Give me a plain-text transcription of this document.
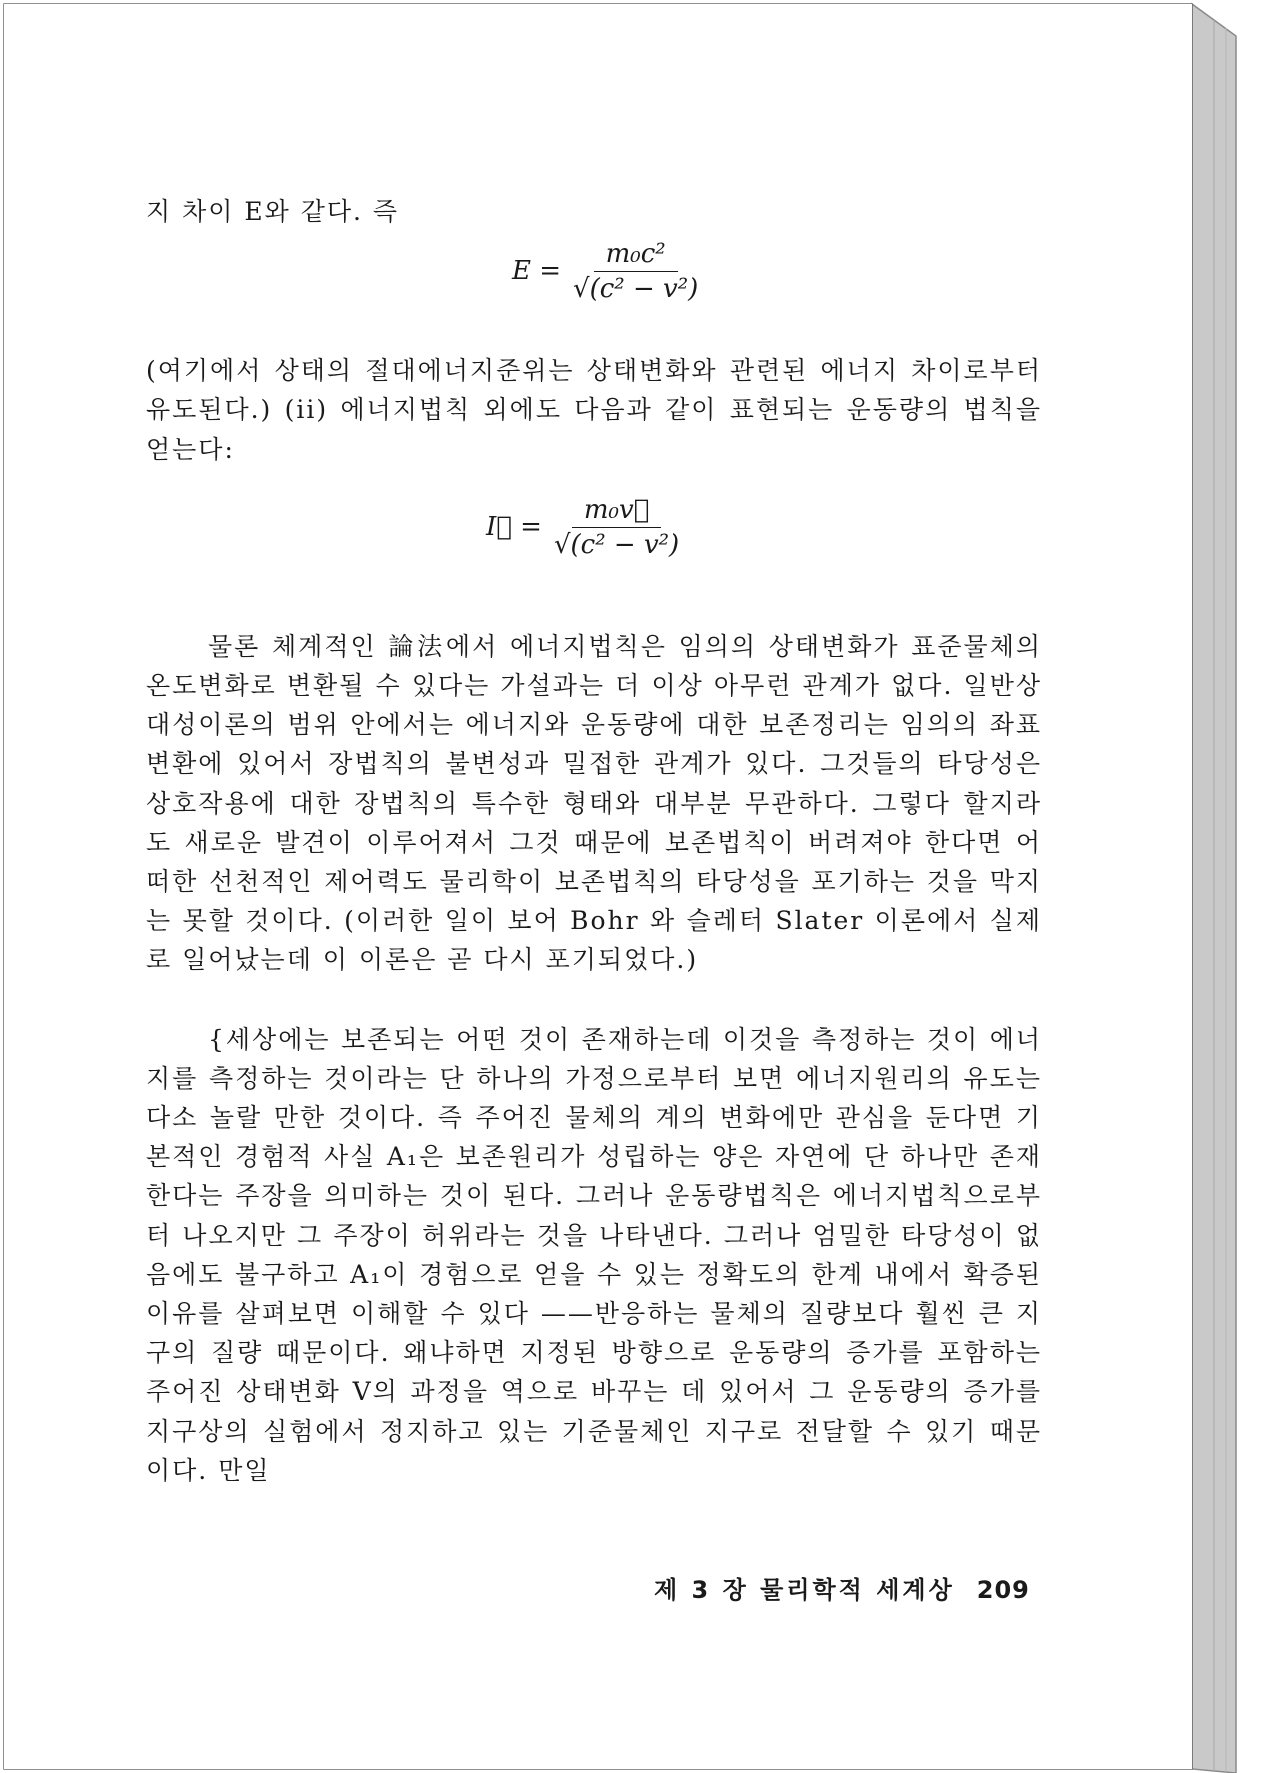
지 차이 E와 같다. 즉

$E = \frac{\text{m₀c²}}{\text{√(c² − v²)}}$

(여기에서 상태의 절대에너지준위는 상태변화와 관련된 에너지 차이로부터 유도된다.) (ii) 에너지법칙 외에도 다음과 같이 표현되는 운동량의 법칙을 얻는다:

I⃗ = $\frac{\text{m₀v⃗}}{\text{√(c² − v²)}}$

물론 체계적인 論法에서 에너지법칙은 임의의 상태변화가 표준물체의 온도변화로 변환될 수 있다는 가설과는 더 이상 아무런 관계가 없다. 일반상대성이론의 범위 안에서는 에너지와 운동량에 대한 보존정리는 임의의 좌표변환에 있어서 장법칙의 불변성과 밀접한 관계가 있다. 그것들의 타당성은 상호작용에 대한 장법칙의 특수한 형태와 대부분 무관하다. 그렇다 할지라도 새로운 발견이 이루어져서 그것 때문에 보존법칙이 버려져야 한다면 어떠한 선천적인 제어력도 물리학이 보존법칙의 타당성을 포기하는 것을 막지는 못할 것이다. (이러한 일이 보어 Bohr 와 슬레터 Slater 이론에서 실제로 일어났는데 이 이론은 곧 다시 포기되었다.)

{세상에는 보존되는 어떤 것이 존재하는데 이것을 측정하는 것이 에너지를 측정하는 것이라는 단 하나의 가정으로부터 보면 에너지원리의 유도는 다소 놀랄 만한 것이다. 즉 주어진 물체의 계의 변화에만 관심을 둔다면 기본적인 경험적 사실 A₁은 보존원리가 성립하는 양은 자연에 단 하나만 존재한다는 주장을 의미하는 것이 된다. 그러나 운동량법칙은 에너지법칙으로부터 나오지만 그 주장이 허위라는 것을 나타낸다. 그러나 엄밀한 타당성이 없음에도 불구하고 A₁이 경험으로 얻을 수 있는 정확도의 한계 내에서 확증된 이유를 살펴보면 이해할 수 있다 ——반응하는 물체의 질량보다 훨씬 큰 지구의 질량 때문이다. 왜냐하면 지정된 방향으로 운동량의 증가를 포함하는 주어진 상태변화 V의 과정을 역으로 바꾸는 데 있어서 그 운동량의 증가를 지구상의 실험에서 정지하고 있는 기준물체인 지구로 전달할 수 있기 때문이다. 만일

제 3 장 물리학적 세계상 209
